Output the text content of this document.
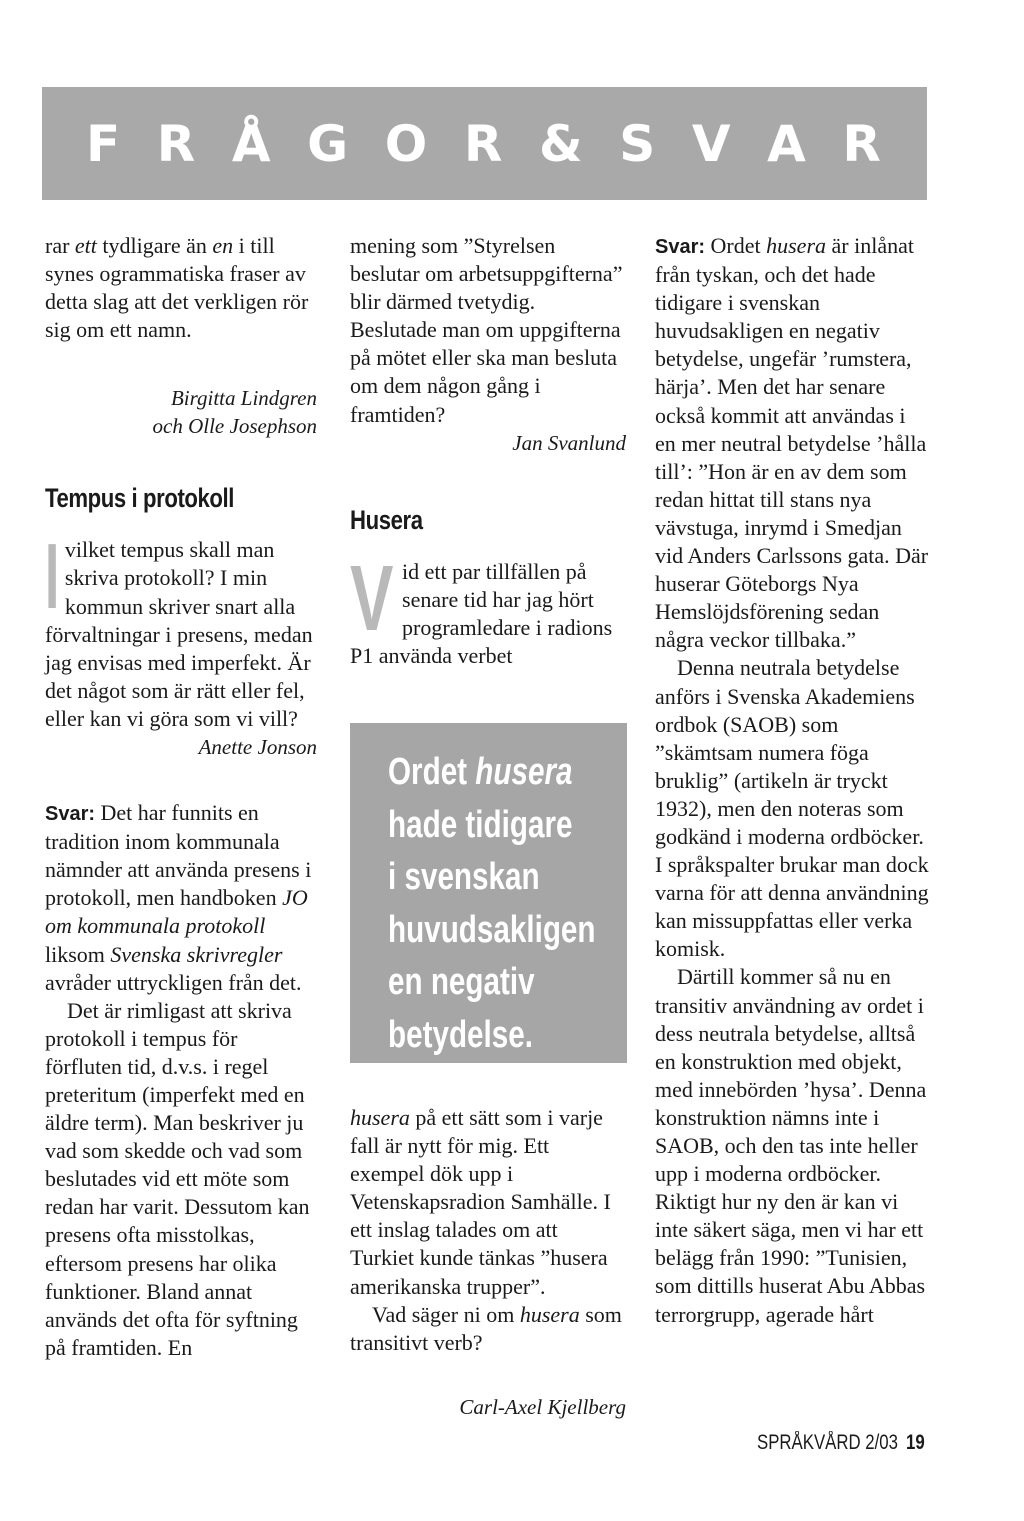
F R Å G O R & S V A R

rar ett tydligare än en i till synes ogrammatiska fraser av detta slag att det verkligen rör sig om ett namn.

Birgitta Lindgren

och Olle Josephson

Tempus i protokoll
I vilket tempus skall man skriva protokoll? I min kommun skriver snart alla förvaltningar i presens, medan jag envisas med imperfekt. Är det något som är rätt eller fel, eller kan vi göra som vi vill?

Anette Jonson

Svar: Det har funnits en tradition inom kommunala nämnder att använda presens i protokoll, men handboken JO om kommunala protokoll liksom Svenska skrivregler avråder uttryckligen från det.

Det är rimligast att skriva protokoll i tempus för förfluten tid, d.v.s. i regel preteritum (imperfekt med en äldre term). Man beskriver ju vad som skedde och vad som beslutades vid ett möte som redan har varit. Dessutom kan presens ofta misstolkas, eftersom presens har olika funktioner. Bland annat används det ofta för syftning på framtiden. En

mening som ”Styrelsen beslutar om arbetsuppgifterna” blir därmed tvetydig. Beslutade man om uppgifterna på mötet eller ska man besluta om dem någon gång i framtiden?

Jan Svanlund

Husera
V id ett par tillfällen på senare tid har jag hört programledare i radions P1 använda verbet

Ordet husera
hade tidigare
i svenskan
huvudsakligen
en negativ
betydelse.

husera på ett sätt som i varje fall är nytt för mig. Ett exempel dök upp i Vetenskapsradion Samhälle. I ett inslag talades om att Turkiet kunde tänkas ”husera amerikanska trupper”.

Vad säger ni om husera som transitivt verb?

Carl-Axel Kjellberg

Svar: Ordet husera är inlånat från tyskan, och det hade tidigare i svenskan huvudsakligen en negativ betydelse, ungefär ’rumstera, härja’. Men det har senare också kommit att användas i en mer neutral betydelse ’hålla till’: ”Hon är en av dem som redan hittat till stans nya vävstuga, inrymd i Smedjan vid Anders Carlssons gata. Där huserar Göteborgs Nya Hemslöjdsförening sedan några veckor tillbaka.”

Denna neutrala betydelse anförs i Svenska Akademiens ordbok (SAOB) som ”skämtsam numera föga bruklig” (artikeln är tryckt 1932), men den noteras som godkänd i moderna ordböcker. I språkspalter brukar man dock varna för att denna användning kan missuppfattas eller verka komisk.

Därtill kommer så nu en transitiv användning av ordet i dess neutrala betydelse, alltså en konstruktion med objekt, med innebörden ’hysa’. Denna konstruktion nämns inte i SAOB, och den tas inte heller upp i moderna ordböcker. Riktigt hur ny den är kan vi inte säkert säga, men vi har ett belägg från 1990: ”Tunisien, som dittills huserat Abu Abbas terrorgrupp, agerade hårt

SPRÅKVÅRD 2/03 19
